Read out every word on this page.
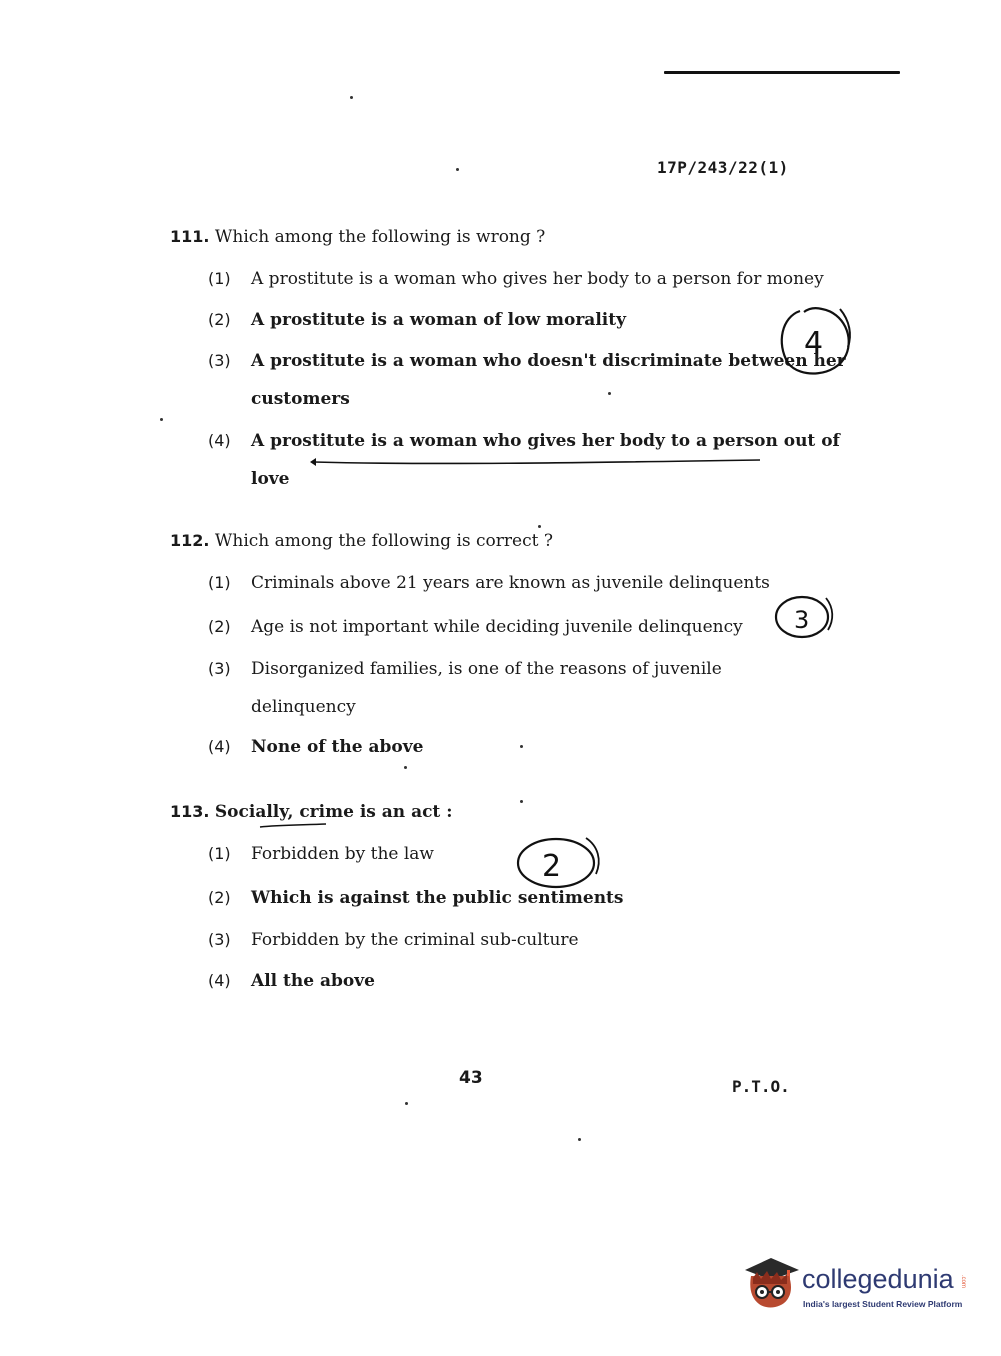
17P/243/22(1)
111. Which among the following is wrong ?
(1) A prostitute is a woman who gives her body to a person for money
(2) A prostitute is a woman of low morality
(3) A prostitute is a woman who doesn't discriminate between her
customers
(4) A prostitute is a woman who gives her body to a person out of
love
112. Which among the following is correct ?
(1) Criminals above 21 years are known as juvenile delinquents
(2) Age is not important while deciding juvenile delinquency
(3) Disorganized families, is one of the reasons of juvenile
delinquency
(4) None of the above
113. Socially, crime is an act :
(1) Forbidden by the law
(2) Which is against the public sentiments
(3) Forbidden by the criminal sub-culture
(4) All the above
4
3
2
43	P.T.O.
collegedunia .com
India's largest Student Review Platform
